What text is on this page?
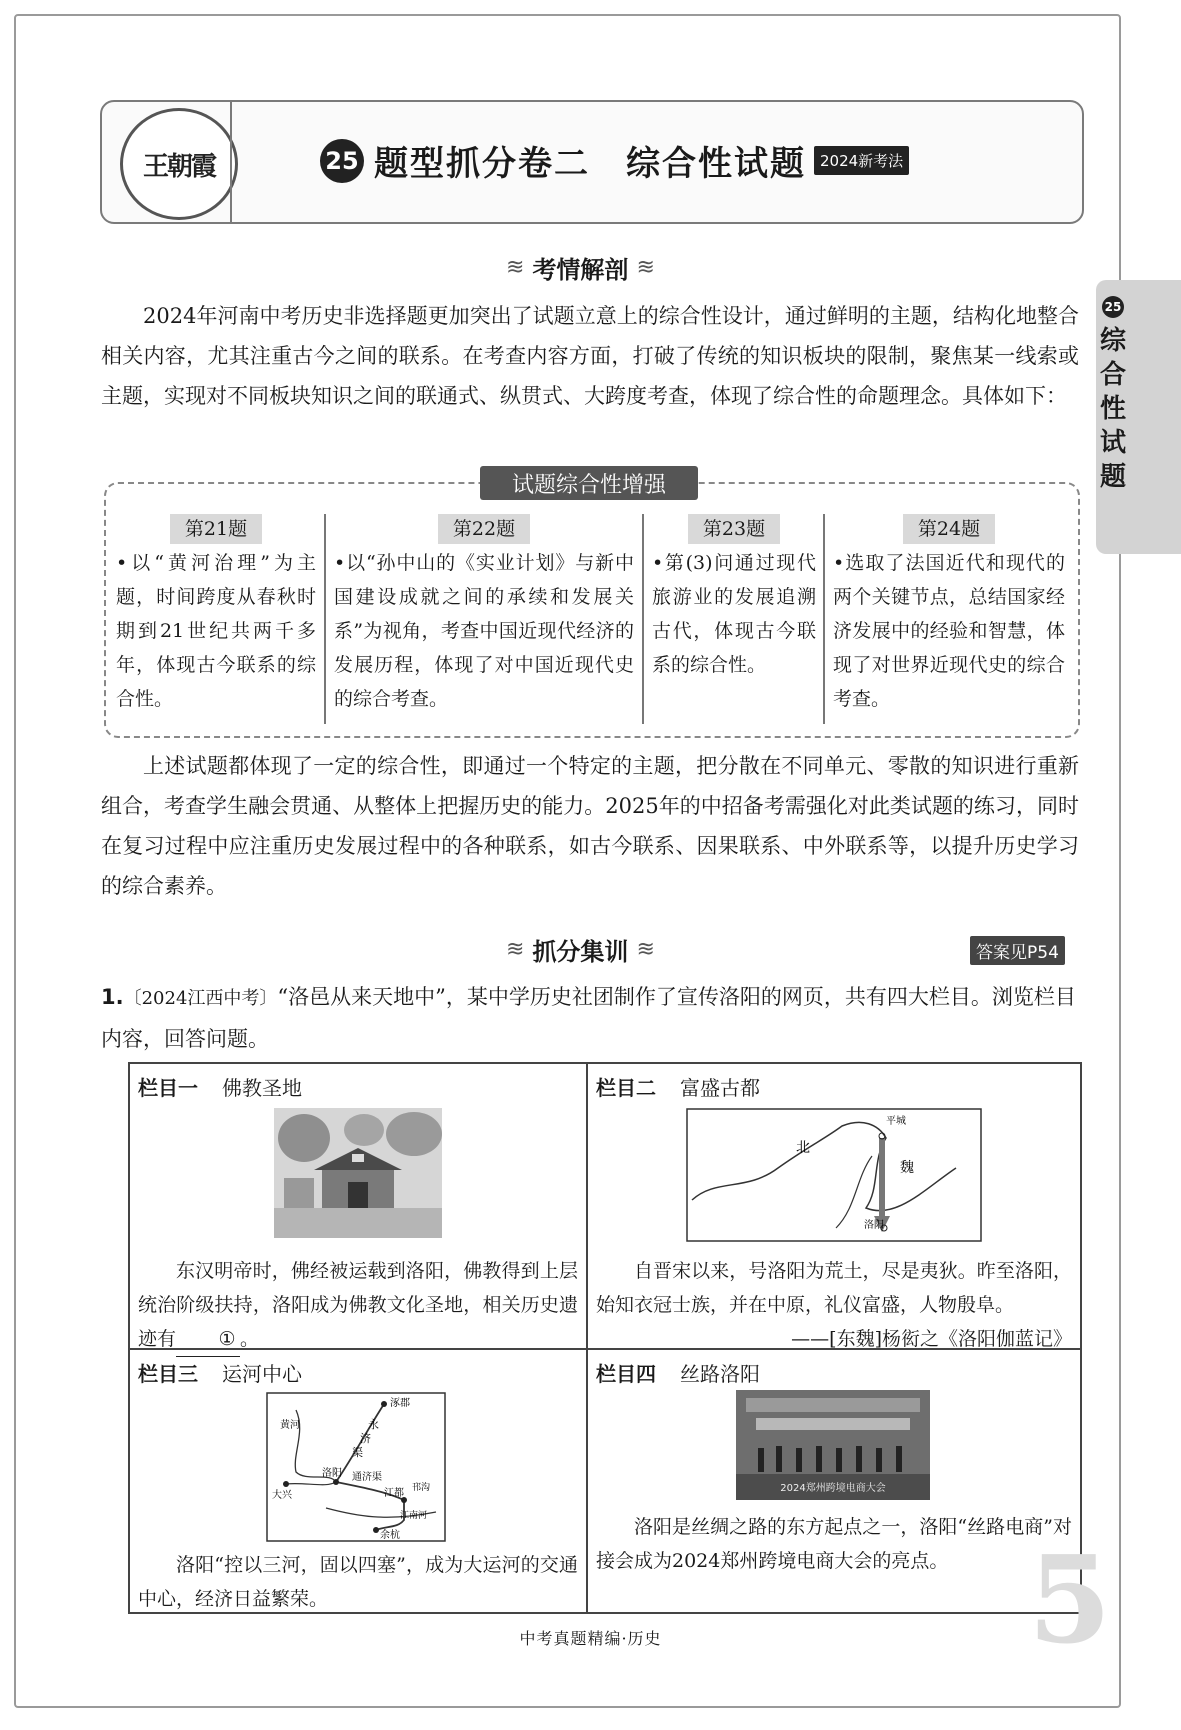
王朝霞	25 题型抓分卷二　综合性试题 2024新考法
25
综合性试题
≋ 考情解剖 ≋
2024年河南中考历史非选择题更加突出了试题立意上的综合性设计，通过鲜明的主题，结构化地整合相关内容，尤其注重古今之间的联系。在考查内容方面，打破了传统的知识板块的限制，聚焦某一线索或主题，实现对不同板块知识之间的联通式、纵贯式、大跨度考查，体现了综合性的命题理念。具体如下：
试题综合性增强
第21题
•以“黄河治理”为主题，时间跨度从春秋时期到21世纪共两千多年，体现古今联系的综合性。
第22题
•以“孙中山的《实业计划》与新中国建设成就之间的承续和发展关系”为视角，考查中国近现代经济的发展历程，体现了对中国近现代史的综合考查。
第23题
•第(3)问通过现代旅游业的发展追溯古代，体现古今联系的综合性。
第24题
•选取了法国近代和现代的两个关键节点，总结国家经济发展中的经验和智慧，体现了对世界近现代史的综合考查。
上述试题都体现了一定的综合性，即通过一个特定的主题，把分散在不同单元、零散的知识进行重新组合，考查学生融会贯通、从整体上把握历史的能力。2025年的中招备考需强化对此类试题的练习，同时在复习过程中应注重历史发展过程中的各种联系，如古今联系、因果联系、中外联系等，以提升历史学习的综合素养。
≋ 抓分集训 ≋	答案见P54
1.〔2024江西中考〕“洛邑从来天地中”，某中学历史社团制作了宣传洛阳的网页，共有四大栏目。浏览栏目内容，回答问题。
栏目一 佛教圣地
东汉明帝时，佛经被运载到洛阳，佛教得到上层统治阶级扶持，洛阳成为佛教文化圣地，相关历史遗迹有 ① 。
栏目二 富盛古都
平城
北
魏
洛阳
自晋宋以来，号洛阳为荒土，尽是夷狄。昨至洛阳，始知衣冠士族，并在中原，礼仪富盛，人物殷阜。
——[东魏]杨衒之《洛阳伽蓝记》
栏目三 运河中心
涿郡
永
济
渠
洛阳
大兴
通济渠
江都
余杭
江南河
邗沟
黄河
洛阳“控以三河，固以四塞”，成为大运河的交通中心，经济日益繁荣。
栏目四 丝路洛阳
2024郑州跨境电商大会
洛阳是丝绸之路的东方起点之一，洛阳“丝路电商”对接会成为2024郑州跨境电商大会的亮点。 5
中考真题精编·历史
